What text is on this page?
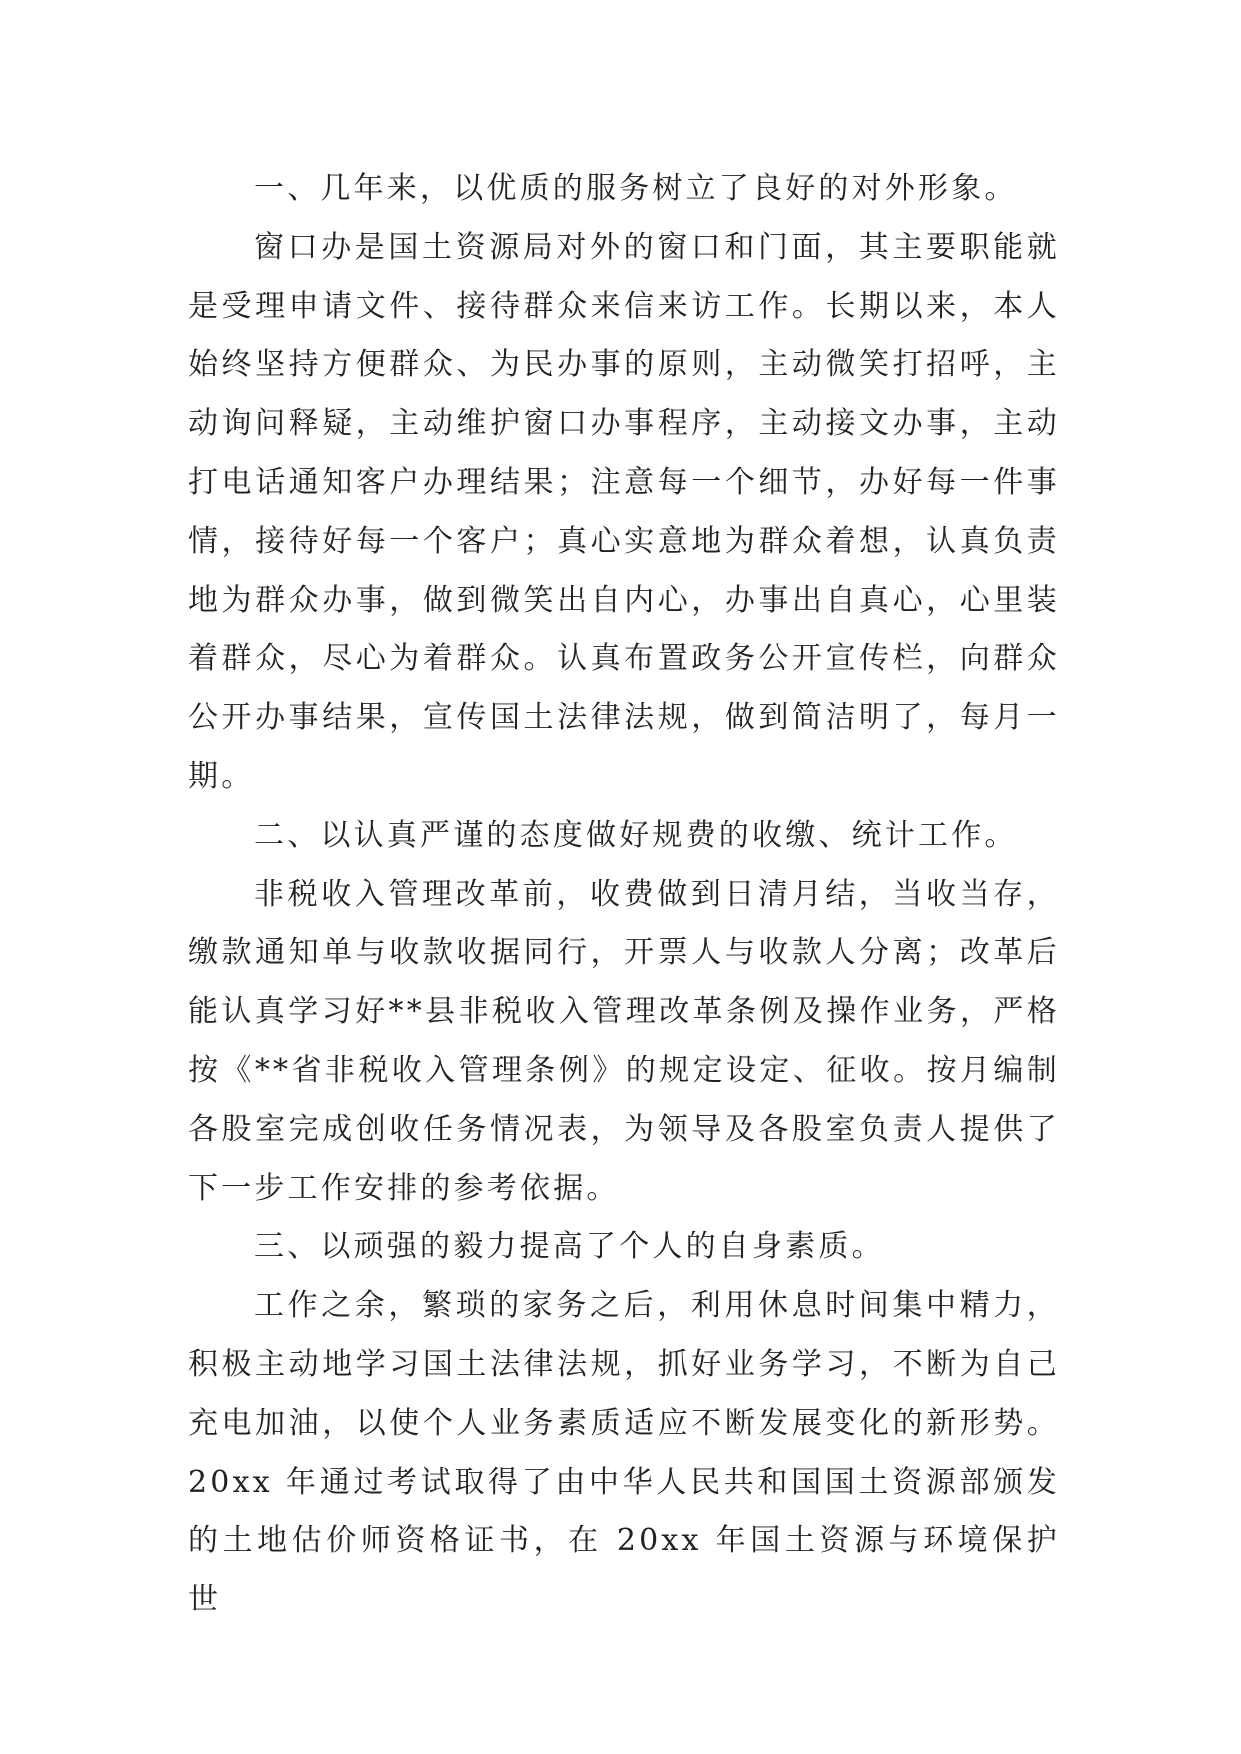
一、几年来，以优质的服务树立了良好的对外形象。

窗口办是国土资源局对外的窗口和门面，其主要职能就是受理申请文件、接待群众来信来访工作。长期以来，本人始终坚持方便群众、为民办事的原则，主动微笑打招呼，主动询问释疑，主动维护窗口办事程序，主动接文办事，主动打电话通知客户办理结果；注意每一个细节，办好每一件事情，接待好每一个客户；真心实意地为群众着想，认真负责地为群众办事，做到微笑出自内心，办事出自真心，心里装着群众，尽心为着群众。认真布置政务公开宣传栏，向群众公开办事结果，宣传国土法律法规，做到简洁明了，每月一期。

二、以认真严谨的态度做好规费的收缴、统计工作。

非税收入管理改革前，收费做到日清月结，当收当存，缴款通知单与收款收据同行，开票人与收款人分离；改革后能认真学习好**县非税收入管理改革条例及操作业务，严格按《**省非税收入管理条例》的规定设定、征收。按月编制各股室完成创收任务情况表，为领导及各股室负责人提供了下一步工作安排的参考依据。

三、以顽强的毅力提高了个人的自身素质。

工作之余，繁琐的家务之后，利用休息时间集中精力，积极主动地学习国土法律法规，抓好业务学习，不断为自己充电加油，以使个人业务素质适应不断发展变化的新形势。20xx 年通过考试取得了由中华人民共和国国土资源部颁发的土地估价师资格证书，在 20xx 年国土资源与环境保护世
